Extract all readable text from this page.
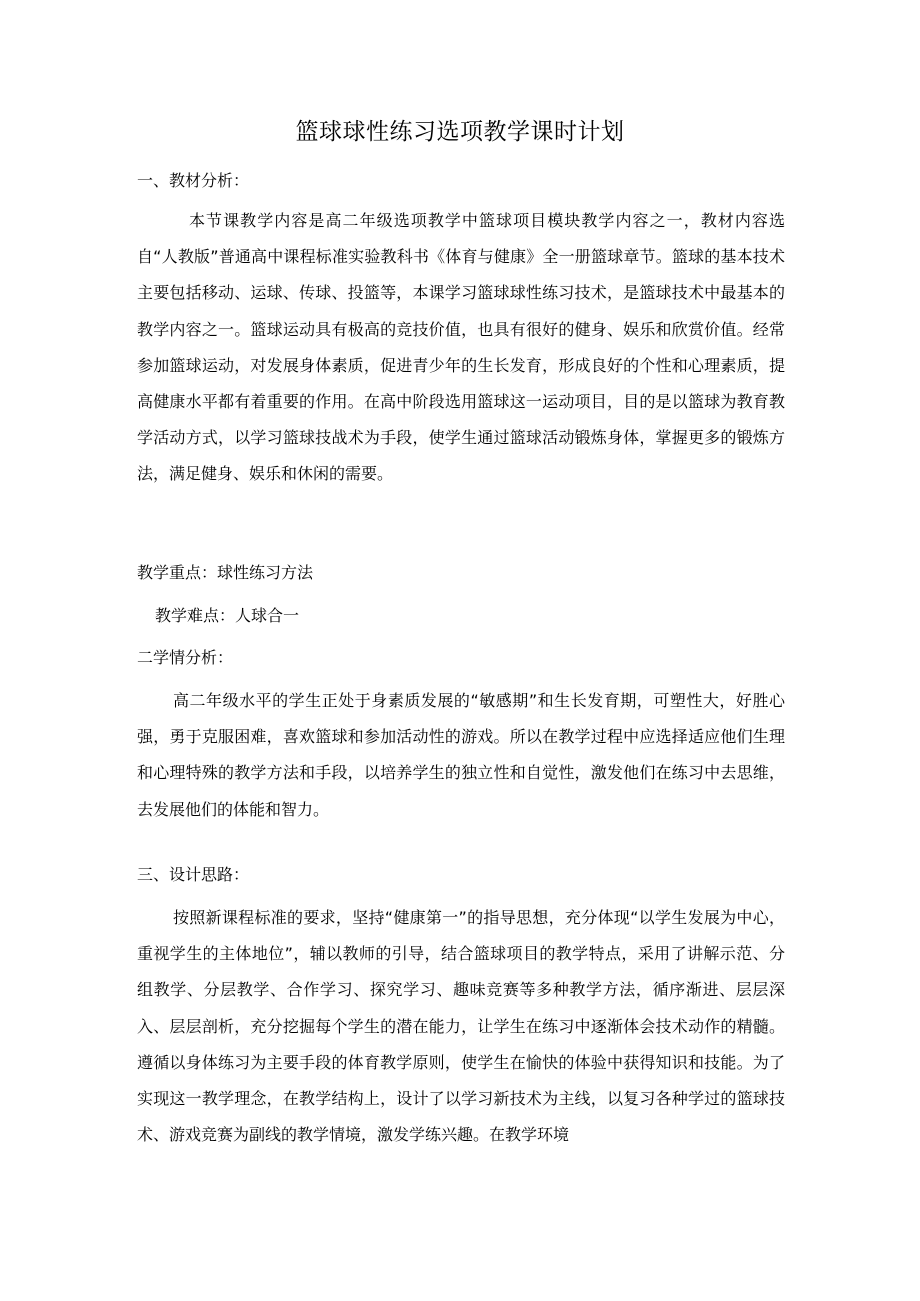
篮球球性练习选项教学课时计划
一、教材分析：

本节课教学内容是高二年级选项教学中篮球项目模块教学内容之一，教材内容选自“人教版”普通高中课程标准实验教科书《体育与健康》全一册篮球章节。篮球的基本技术主要包括移动、运球、传球、投篮等，本课学习篮球球性练习技术，是篮球技术中最基本的教学内容之一。篮球运动具有极高的竞技价值，也具有很好的健身、娱乐和欣赏价值。经常参加篮球运动，对发展身体素质，促进青少年的生长发育，形成良好的个性和心理素质，提高健康水平都有着重要的作用。在高中阶段选用篮球这一运动项目，目的是以篮球为教育教学活动方式，以学习篮球技战术为手段，使学生通过篮球活动锻炼身体，掌握更多的锻炼方法，满足健身、娱乐和休闲的需要。

教学重点：球性练习方法
教学难点：人球合一
二学情分析：

高二年级水平的学生正处于身素质发展的“敏感期”和生长发育期，可塑性大，好胜心强，勇于克服困难，喜欢篮球和参加活动性的游戏。所以在教学过程中应选择适应他们生理和心理特殊的教学方法和手段，以培养学生的独立性和自觉性，激发他们在练习中去思维，去发展他们的体能和智力。

三、设计思路：

按照新课程标准的要求，坚持“健康第一”的指导思想，充分体现“以学生发展为中心，重视学生的主体地位”，辅以教师的引导，结合篮球项目的教学特点，采用了讲解示范、分组教学、分层教学、合作学习、探究学习、趣味竞赛等多种教学方法，循序渐进、层层深入、层层剖析，充分挖掘每个学生的潜在能力，让学生在练习中逐渐体会技术动作的精髓。遵循以身体练习为主要手段的体育教学原则，使学生在愉快的体验中获得知识和技能。为了实现这一教学理念，在教学结构上，设计了以学习新技术为主线，以复习各种学过的篮球技术、游戏竞赛为副线的教学情境，激发学练兴趣。在教学环境
